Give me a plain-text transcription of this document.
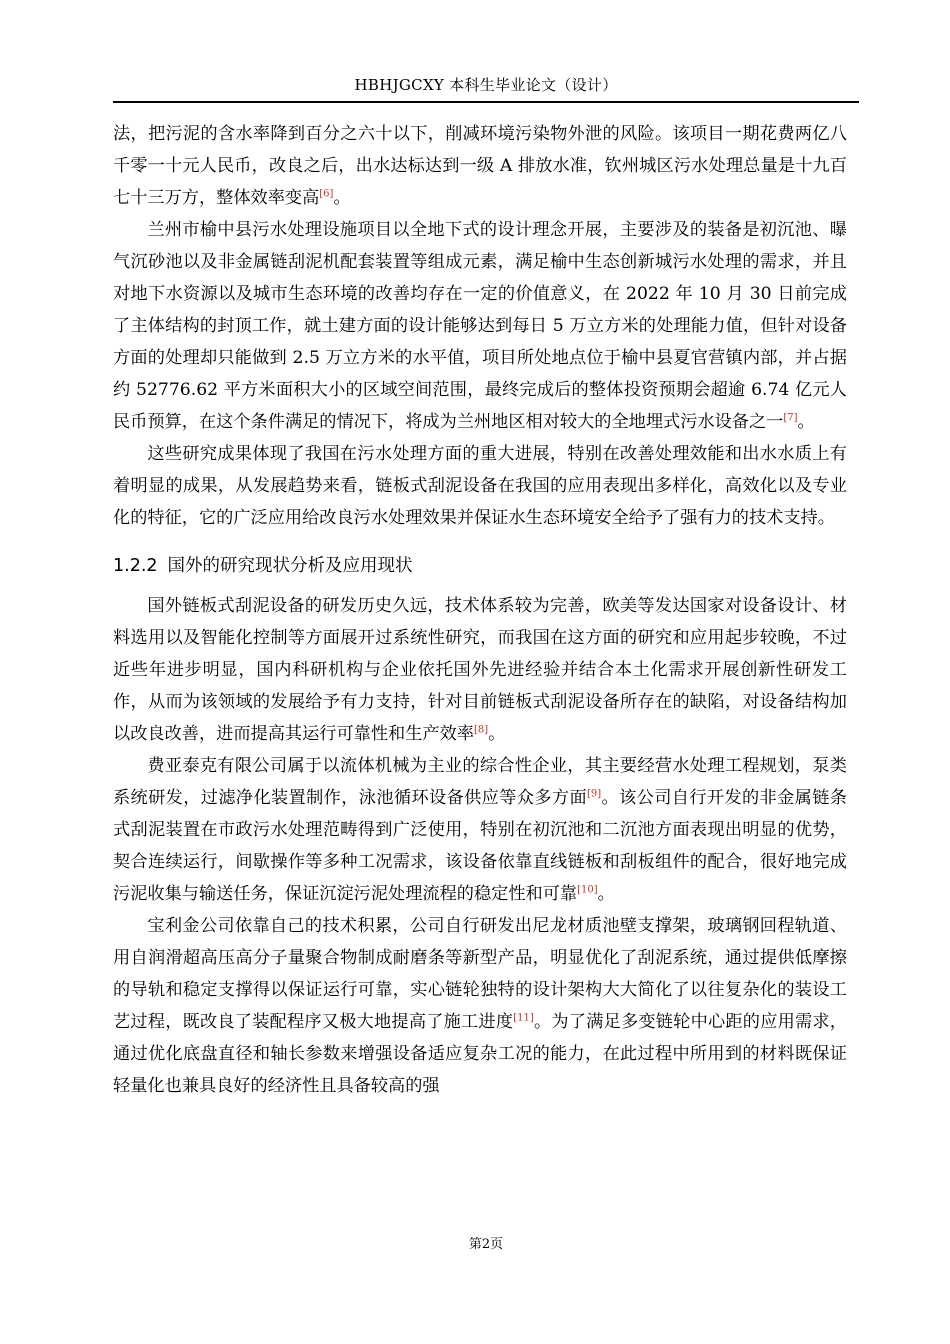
HBHJGCXY 本科生毕业论文（设计）

法，把污泥的含水率降到百分之六十以下，削减环境污染物外泄的风险。该项目一期花费两亿八千零一十元人民币，改良之后，出水达标达到一级 A 排放水准，钦州城区污水处理总量是十九百七十三万方，整体效率变高[6]。

兰州市榆中县污水处理设施项目以全地下式的设计理念开展，主要涉及的装备是初沉池、曝气沉砂池以及非金属链刮泥机配套装置等组成元素，满足榆中生态创新城污水处理的需求，并且对地下水资源以及城市生态环境的改善均存在一定的价值意义，在 2022 年 10 月 30 日前完成了主体结构的封顶工作，就土建方面的设计能够达到每日 5 万立方米的处理能力值，但针对设备方面的处理却只能做到 2.5 万立方米的水平值，项目所处地点位于榆中县夏官营镇内部，并占据约 52776.62 平方米面积大小的区域空间范围，最终完成后的整体投资预期会超逾 6.74 亿元人民币预算，在这个条件满足的情况下，将成为兰州地区相对较大的全地埋式污水设备之一[7]。

这些研究成果体现了我国在污水处理方面的重大进展，特别在改善处理效能和出水水质上有着明显的成果，从发展趋势来看，链板式刮泥设备在我国的应用表现出多样化，高效化以及专业化的特征，它的广泛应用给改良污水处理效果并保证水生态环境安全给予了强有力的技术支持。

1.2.2 国外的研究现状分析及应用现状

国外链板式刮泥设备的研发历史久远，技术体系较为完善，欧美等发达国家对设备设计、材料选用以及智能化控制等方面展开过系统性研究，而我国在这方面的研究和应用起步较晚，不过近些年进步明显，国内科研机构与企业依托国外先进经验并结合本土化需求开展创新性研发工作，从而为该领域的发展给予有力支持，针对目前链板式刮泥设备所存在的缺陷，对设备结构加以改良改善，进而提高其运行可靠性和生产效率[8]。

费亚泰克有限公司属于以流体机械为主业的综合性企业，其主要经营水处理工程规划，泵类系统研发，过滤净化装置制作，泳池循环设备供应等众多方面[9]。该公司自行开发的非金属链条式刮泥装置在市政污水处理范畴得到广泛使用，特别在初沉池和二沉池方面表现出明显的优势，契合连续运行，间歇操作等多种工况需求，该设备依靠直线链板和刮板组件的配合，很好地完成污泥收集与输送任务，保证沉淀污泥处理流程的稳定性和可靠[10]。

宝利金公司依靠自己的技术积累，公司自行研发出尼龙材质池壁支撑架，玻璃钢回程轨道、用自润滑超高压高分子量聚合物制成耐磨条等新型产品，明显优化了刮泥系统，通过提供低摩擦的导轨和稳定支撑得以保证运行可靠，实心链轮独特的设计架构大大简化了以往复杂化的装设工艺过程，既改良了装配程序又极大地提高了施工进度[11]。为了满足多变链轮中心距的应用需求，通过优化底盘直径和轴长参数来增强设备适应复杂工况的能力，在此过程中所用到的材料既保证轻量化也兼具良好的经济性且具备较高的强

第2页
